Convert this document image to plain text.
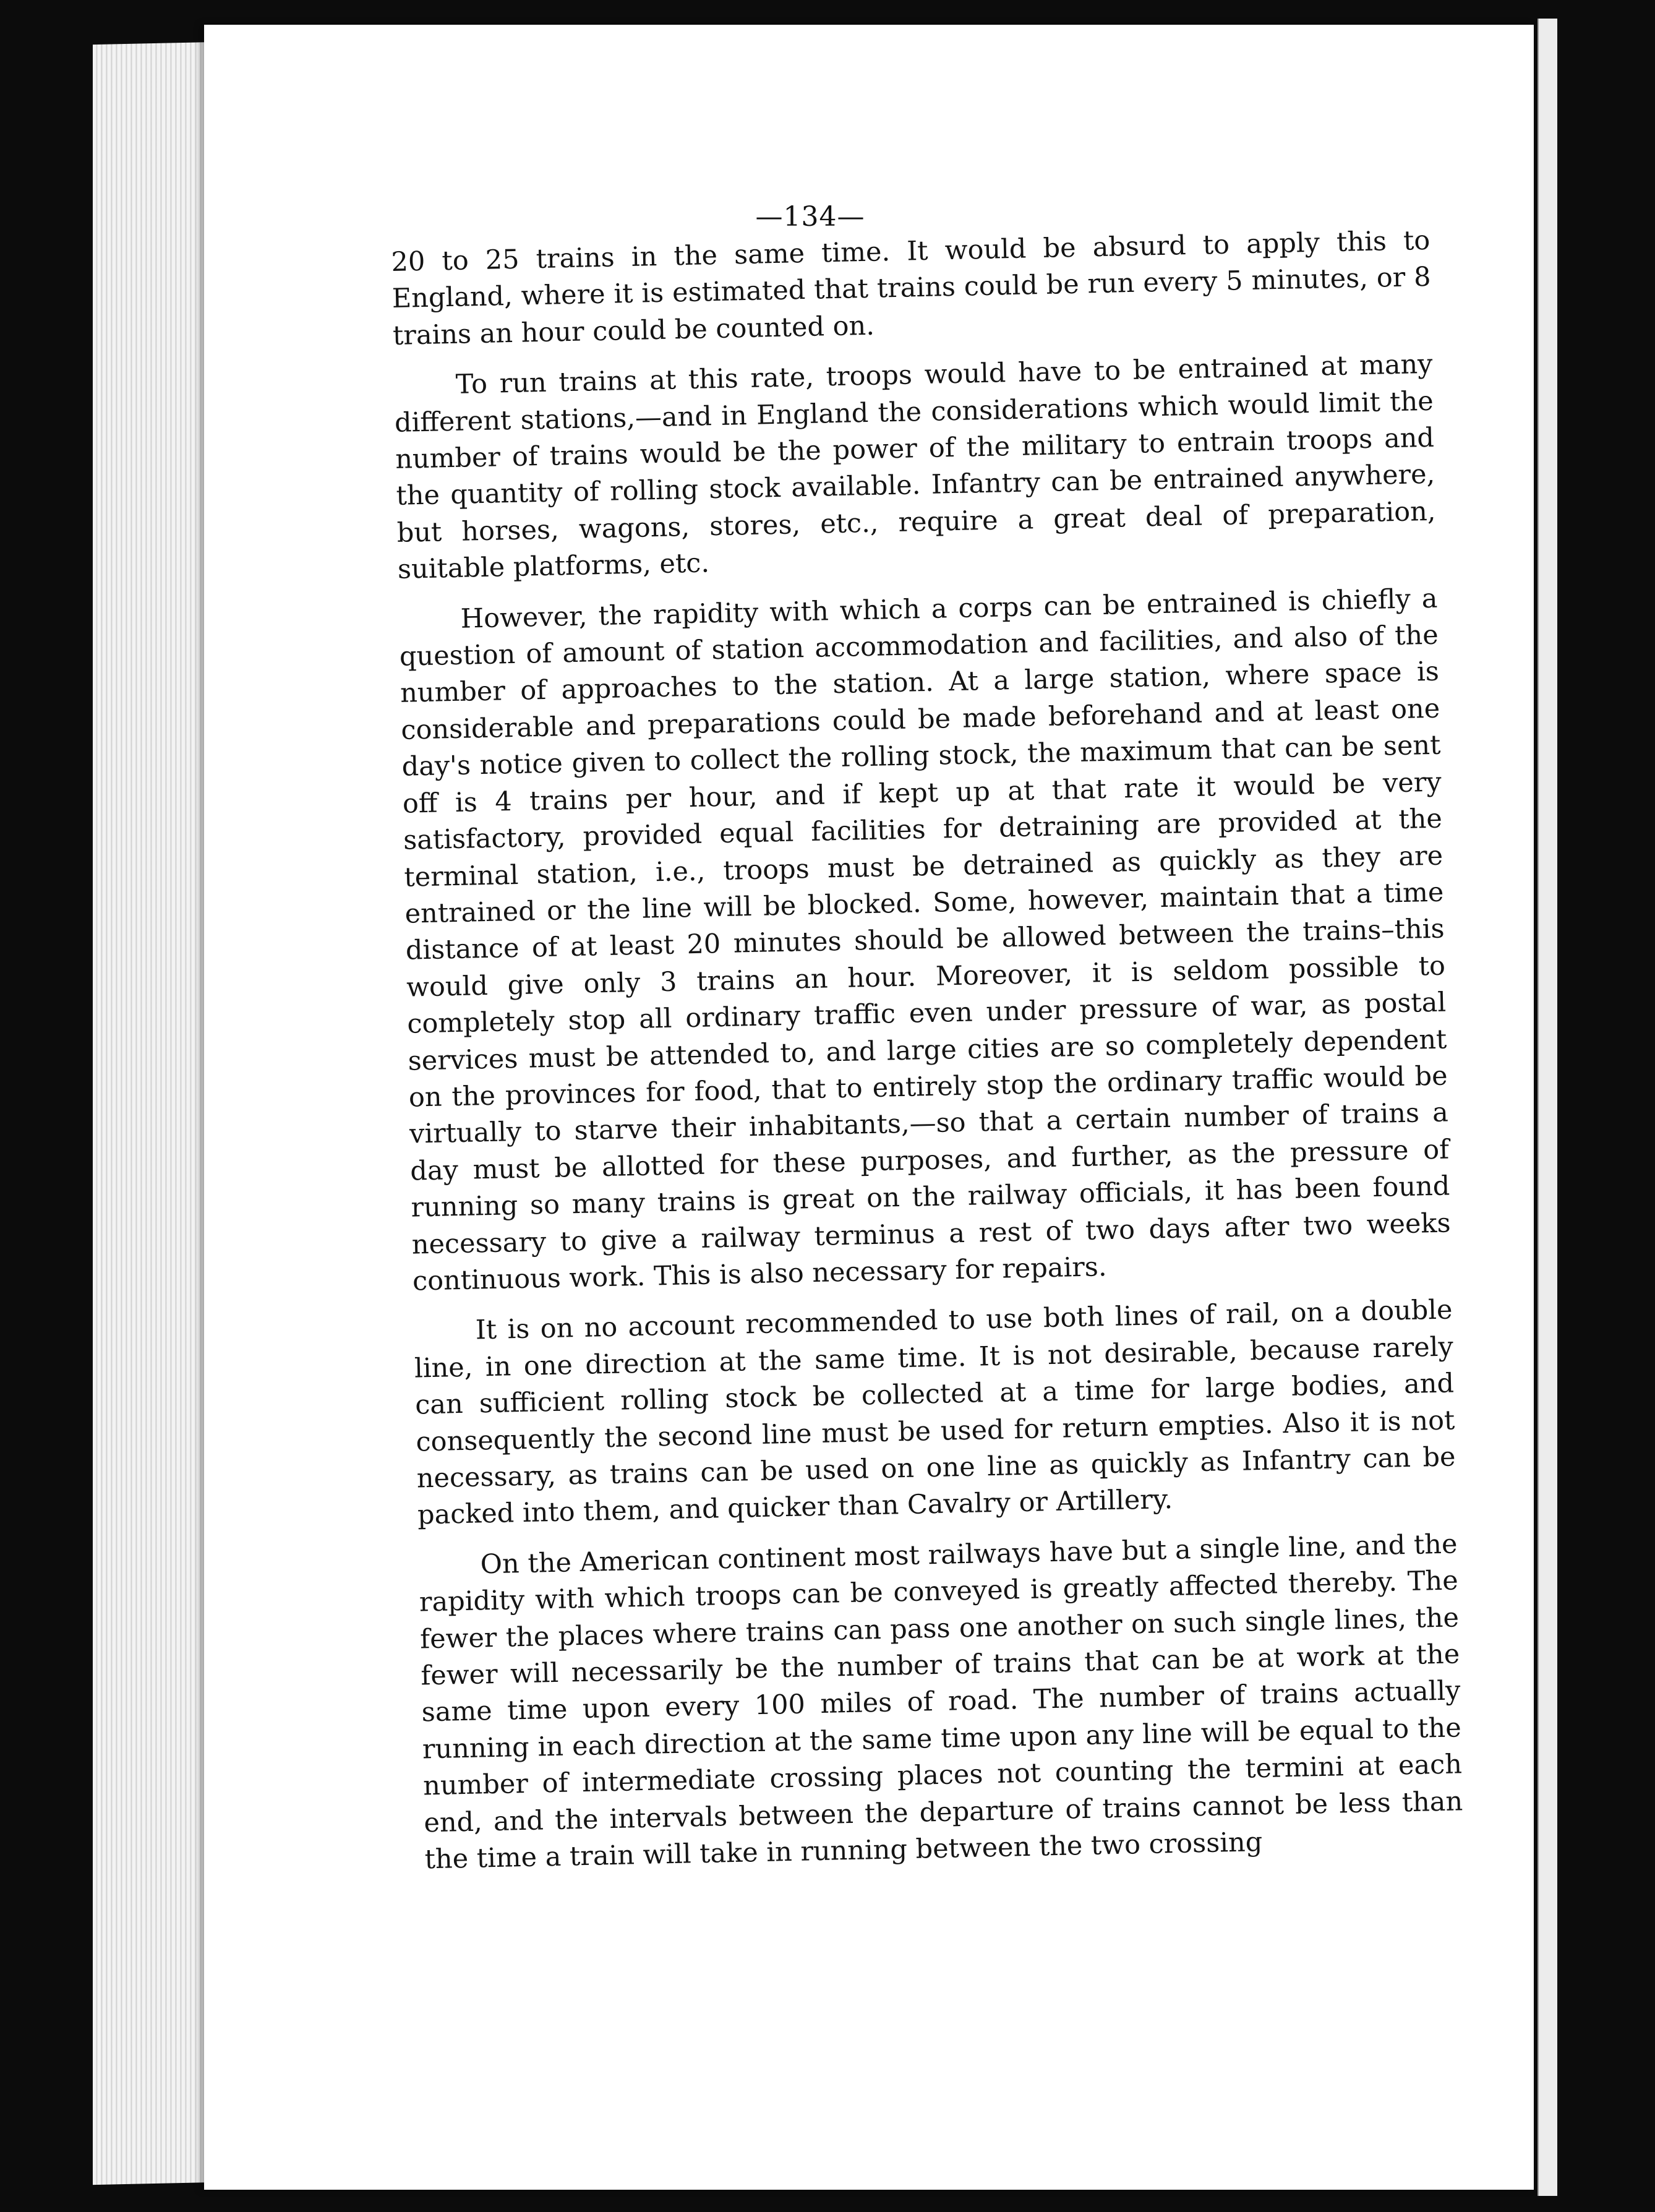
—134—

20 to 25 trains in the same time. It would be absurd to apply this to England, where it is estimated that trains could be run every 5 minutes, or 8 trains an hour could be counted on.

To run trains at this rate, troops would have to be entrained at many different stations,—and in England the considerations which would limit the number of trains would be the power of the military to entrain troops and the quantity of rolling stock available. Infantry can be entrained anywhere, but horses, wagons, stores, etc., require a great deal of preparation, suitable platforms, etc.

However, the rapidity with which a corps can be entrained is chiefly a question of amount of station accommodation and facilities, and also of the number of approaches to the station. At a large station, where space is considerable and preparations could be made beforehand and at least one day's notice given to collect the rolling stock, the maximum that can be sent off is 4 trains per hour, and if kept up at that rate it would be very satisfactory, provided equal facilities for detraining are provided at the terminal station, i.e., troops must be detrained as quickly as they are entrained or the line will be blocked. Some, however, maintain that a time distance of at least 20 minutes should be allowed between the trains–this would give only 3 trains an hour. Moreover, it is seldom possible to completely stop all ordinary traffic even under pressure of war, as postal services must be attended to, and large cities are so completely dependent on the provinces for food, that to entirely stop the ordinary traffic would be virtually to starve their inhabitants,—so that a certain number of trains a day must be allotted for these purposes, and further, as the pressure of running so many trains is great on the railway officials, it has been found necessary to give a railway terminus a rest of two days after two weeks continuous work. This is also necessary for repairs.

It is on no account recommended to use both lines of rail, on a double line, in one direction at the same time. It is not desirable, because rarely can sufficient rolling stock be collected at a time for large bodies, and consequently the second line must be used for return empties. Also it is not necessary, as trains can be used on one line as quickly as Infantry can be packed into them, and quicker than Cavalry or Artillery.

On the American continent most railways have but a single line, and the rapidity with which troops can be conveyed is greatly affected thereby. The fewer the places where trains can pass one another on such single lines, the fewer will necessarily be the number of trains that can be at work at the same time upon every 100 miles of road. The number of trains actually running in each direction at the same time upon any line will be equal to the number of intermediate crossing places not counting the termini at each end, and the intervals between the departure of trains cannot be less than the time a train will take in running between the two crossing
